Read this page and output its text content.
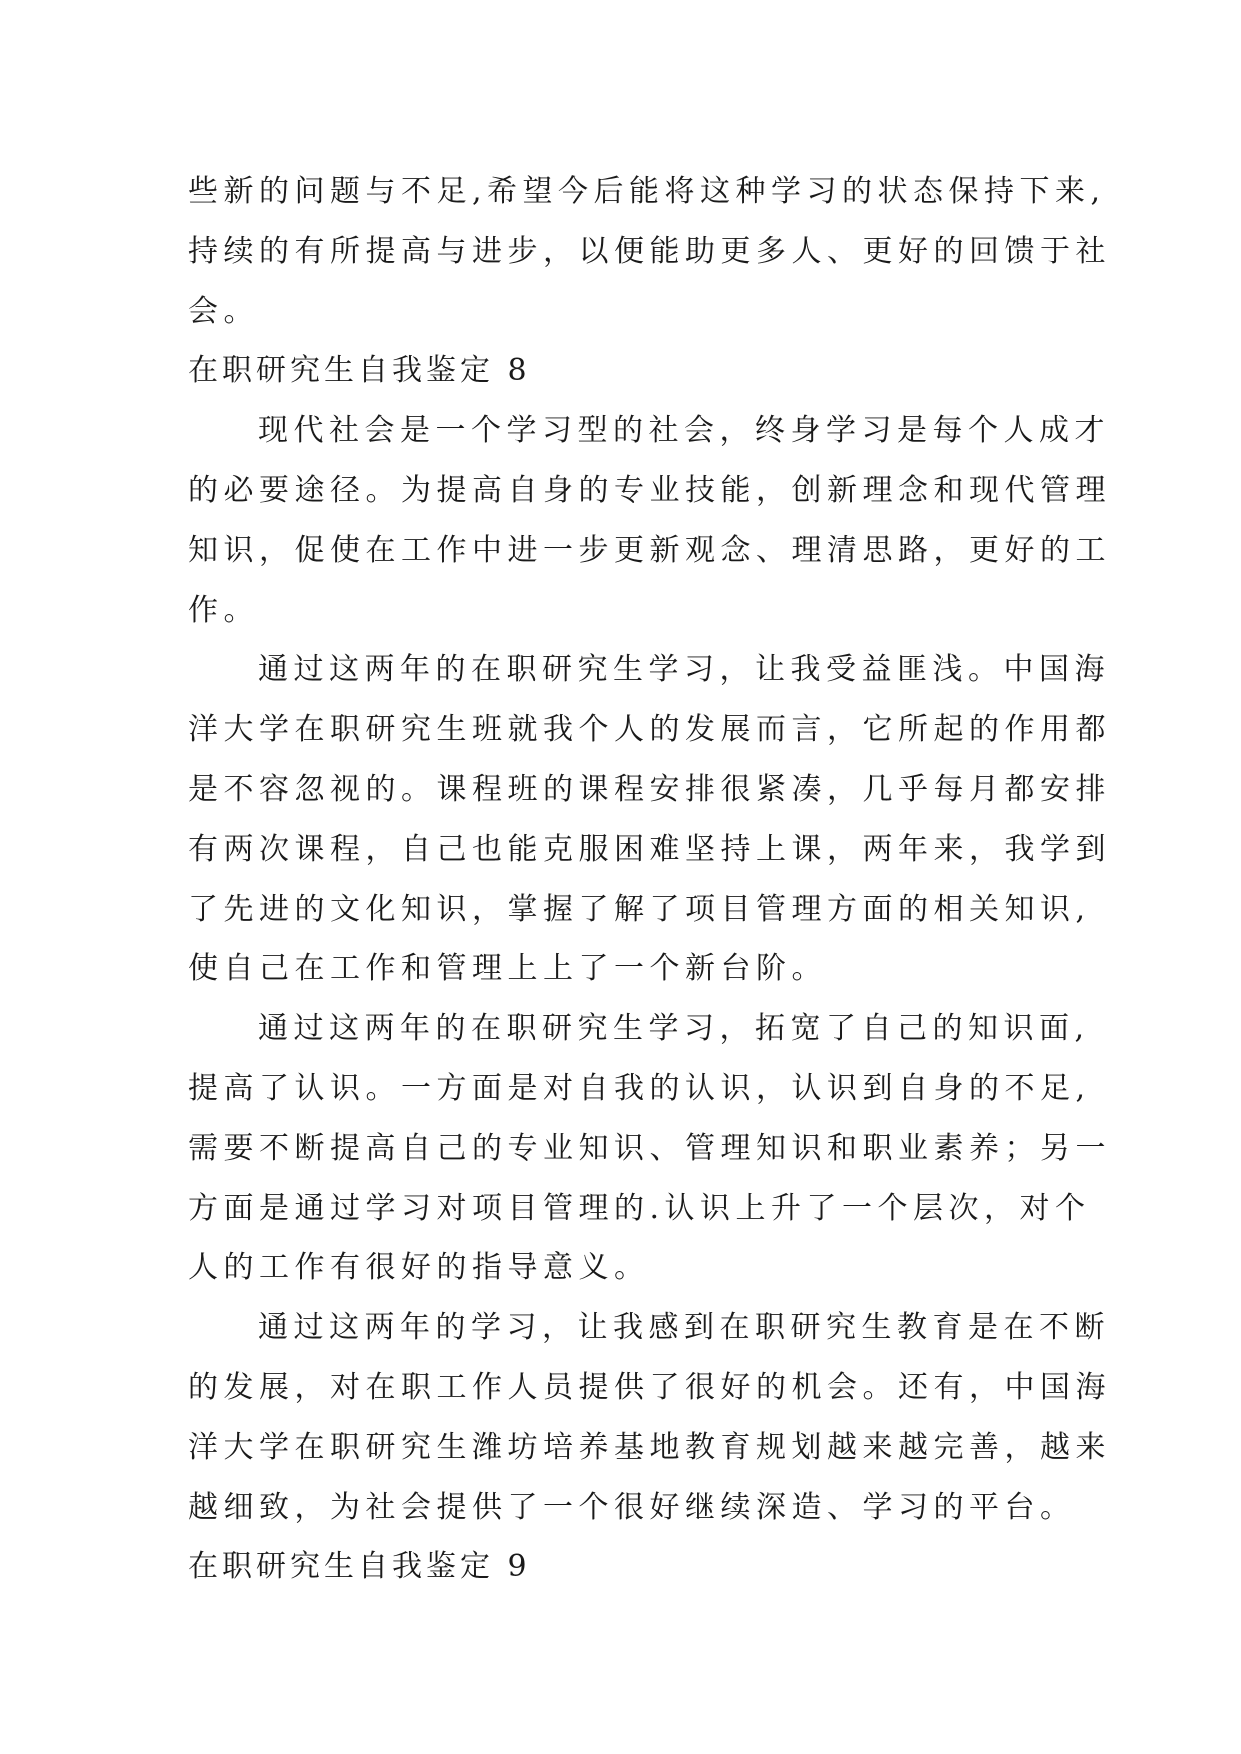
些新的问题与不足,希望今后能将这种学习的状态保持下来,
持续的有所提高与进步，以便能助更多人、更好的回馈于社
会。
在职研究生自我鉴定 8
现代社会是一个学习型的社会，终身学习是每个人成才
的必要途径。为提高自身的专业技能，创新理念和现代管理
知识，促使在工作中进一步更新观念、理清思路，更好的工
作。
通过这两年的在职研究生学习，让我受益匪浅。中国海
洋大学在职研究生班就我个人的发展而言，它所起的作用都
是不容忽视的。课程班的课程安排很紧凑，几乎每月都安排
有两次课程，自己也能克服困难坚持上课，两年来，我学到
了先进的文化知识，掌握了解了项目管理方面的相关知识,
使自己在工作和管理上上了一个新台阶。
通过这两年的在职研究生学习，拓宽了自己的知识面,
提高了认识。一方面是对自我的认识，认识到自身的不足,
需要不断提高自己的专业知识、管理知识和职业素养；另一
方面是通过学习对项目管理的.认识上升了一个层次，对个
人的工作有很好的指导意义。
通过这两年的学习，让我感到在职研究生教育是在不断
的发展，对在职工作人员提供了很好的机会。还有，中国海
洋大学在职研究生潍坊培养基地教育规划越来越完善，越来
越细致，为社会提供了一个很好继续深造、学习的平台。
在职研究生自我鉴定 9
